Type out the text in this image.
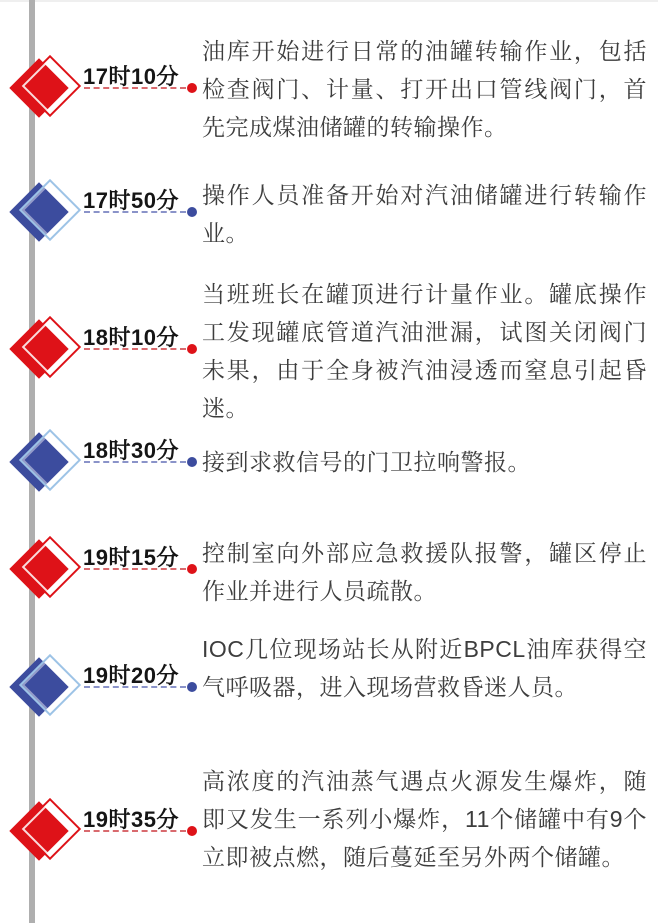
17时10分
油库开始进行日常的油罐转输作业，包括检查阀门、计量、打开出口管线阀门，首先完成煤油储罐的转输操作。
17时50分 操作人员准备开始对汽油储罐进行转输作业。
18时10分
当班班长在罐顶进行计量作业。罐底操作工发现罐底管道汽油泄漏，试图关闭阀门未果，由于全身被汽油浸透而窒息引起昏迷。
18时30分 接到求救信号的门卫拉响警报。
19时15分 控制室向外部应急救援队报警，罐区停止作业并进行人员疏散。
19时20分
IOC几位现场站长从附近BPCL油库获得空气呼吸器，进入现场营救昏迷人员。
19时35分
高浓度的汽油蒸气遇点火源发生爆炸，随即又发生一系列小爆炸，11个储罐中有9个立即被点燃，随后蔓延至另外两个储罐。
